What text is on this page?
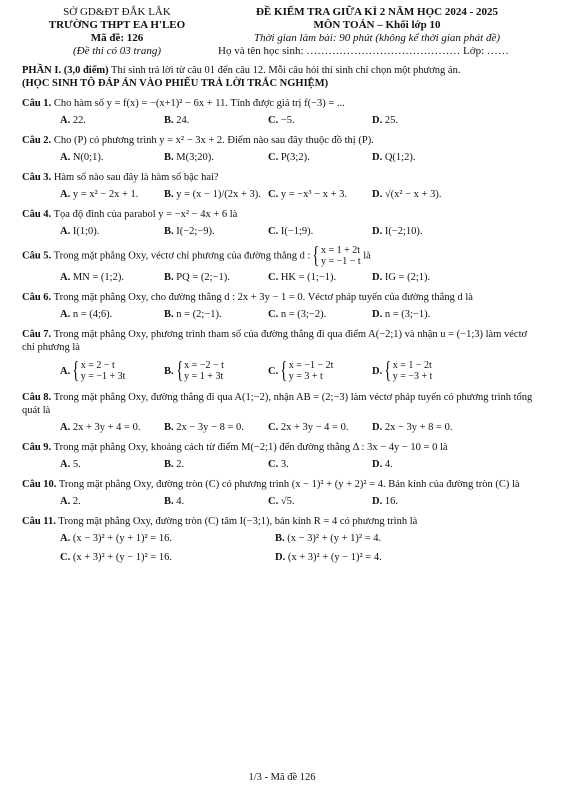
SỞ GD&ĐT ĐẮK LẮK
TRƯỜNG THPT EA H'LEO
Mã đề: 126
(Đề thi có 03 trang)
ĐỀ KIỂM TRA GIỮA KÌ 2 NĂM HỌC 2024 - 2025
MÔN TOÁN – Khối lớp 10
Thời gian làm bài: 90 phút (không kể thời gian phát đề)
Họ và tên học sinh: …………………………………… Lớp: ……
PHẦN I. (3,0 điểm) Thí sinh trả lời từ câu 01 đến câu 12. Mỗi câu hỏi thí sinh chỉ chọn một phương án.
(HỌC SINH TÔ ĐÁP ÁN VÀO PHIẾU TRẢ LỜI TRẮC NGHIỆM)
Câu 1. Cho hàm số y = f(x) = −(x+1)² − 6x + 11. Tính được giá trị f(−3) = ...
A. 22.	B. 24.	C. −5.	D. 25.
Câu 2. Cho (P) có phương trình y = x² − 3x + 2. Điểm nào sau đây thuộc đồ thị (P).
A. N(0;1).	B. M(3;20).	C. P(3;2).	D. Q(1;2).
Câu 3. Hàm số nào sau đây là hàm số bậc hai?
A. y = x² − 2x + 1.	B. y = (x − 1)/(2x + 3). C. y = −x³ − x + 3.	D. √(x² − x + 3).
Câu 4. Tọa độ đỉnh của parabol y = −x² − 4x + 6 là
A. I(1;0).	B. I(−2;−9).	C. I(−1;9).	D. I(−2;10).
Câu 5. Trong mặt phẳng Oxy, véctơ chỉ phương của đường thẳng d : { x = 1 + 2t
y = −1 − t
là
A. MN = (1;2).	B. PQ = (2;−1).	C. HK = (1;−1).	D. IG = (2;1).
Câu 6. Trong mặt phẳng Oxy, cho đường thẳng d : 2x + 3y − 1 = 0. Véctơ pháp tuyến của đường thẳng d là
A. n = (4;6).	B. n = (2;−1).	C. n = (3;−2).	D. n = (3;−1).
Câu 7. Trong mặt phẳng Oxy, phương trình tham số của đường thẳng đi qua điểm A(−2;1) và nhận u = (−1;3) làm véctơ chỉ phương là
A. { x = 2 − t
y = −1 + 3t	B. { x = −2 − t
y = 1 + 3t	C. { x = −1 − 2t
y = 3 + t	D. { x = 1 − 2t
y = −3 + t
Câu 8. Trong mặt phẳng Oxy, đường thẳng đi qua A(1;−2), nhận AB = (2;−3) làm véctơ pháp tuyến có phương trình tổng quát là
A. 2x + 3y + 4 = 0.	B. 2x − 3y − 8 = 0.	C. 2x + 3y − 4 = 0.	D. 2x − 3y + 8 = 0.
Câu 9. Trong mặt phẳng Oxy, khoảng cách từ điểm M(−2;1) đến đường thẳng Δ : 3x − 4y − 10 = 0 là
A. 5.	B. 2.	C. 3.	D. 4.
Câu 10. Trong mặt phẳng Oxy, đường tròn (C) có phương trình (x − 1)² + (y + 2)² = 4. Bán kính của đường tròn (C) là
A. 2.	B. 4.	C. √5.	D. 16.
Câu 11. Trong mặt phẳng Oxy, đường tròn (C) tâm I(−3;1), bán kính R = 4 có phương trình là
A. (x − 3)² + (y + 1)² = 16.	B. (x − 3)² + (y + 1)² = 4.
C. (x + 3)² + (y − 1)² = 16.	D. (x + 3)² + (y − 1)² = 4.
1/3 - Mã đề 126
